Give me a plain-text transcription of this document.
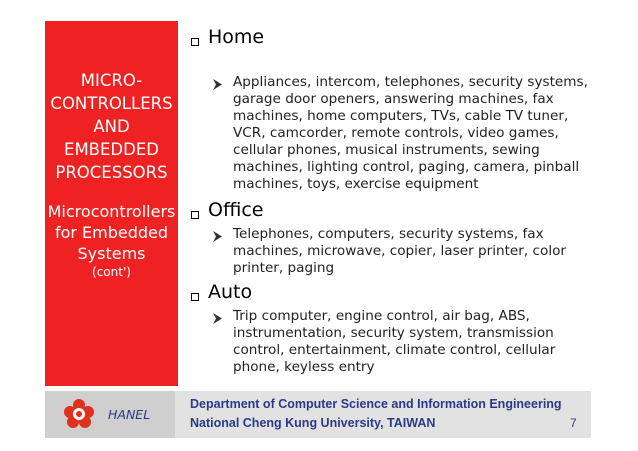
MICRO-
CONTROLLERS
AND
EMBEDDED
PROCESSORS
Microcontrollers
for Embedded
Systems
(cont')
Home
Appliances, intercom, telephones, security systems,
garage door openers, answering machines, fax
machines, home computers, TVs, cable TV tuner,
VCR, camcorder, remote controls, video games,
cellular phones, musical instruments, sewing
machines, lighting control, paging, camera, pinball
machines, toys, exercise equipment
Office
Telephones, computers, security systems, fax
machines, microwave, copier, laser printer, color
printer, paging
Auto
Trip computer, engine control, air bag, ABS,
instrumentation, security system, transmission
control, entertainment, climate control, cellular
phone, keyless entry
HANEL
Department of Computer Science and Information Engineering
National Cheng Kung University, TAIWAN	7
